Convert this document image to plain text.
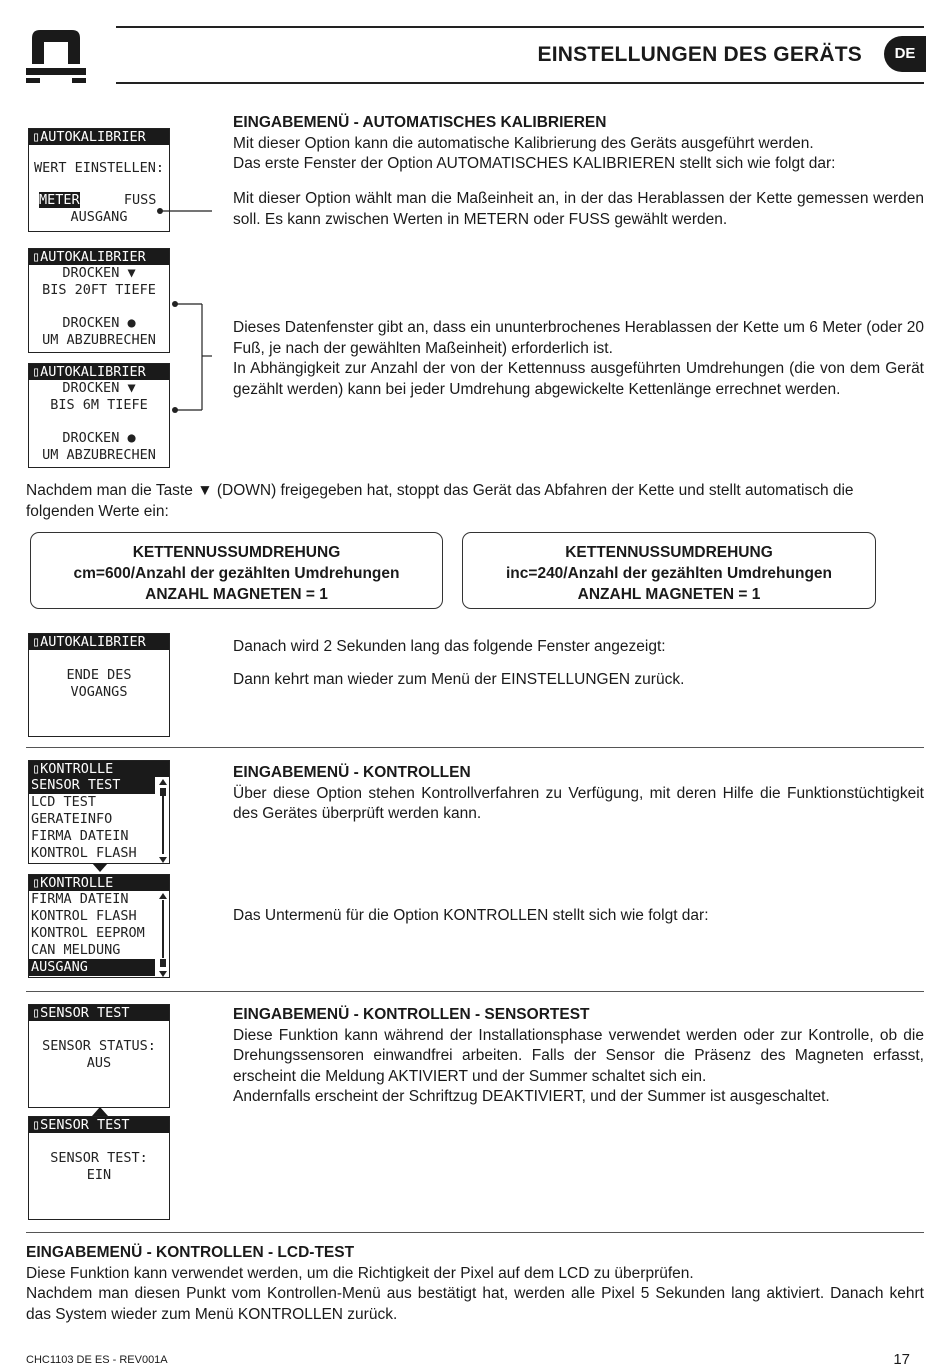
EINSTELLUNGEN DES GERÄTS	DE
▯AUTOKALIBRIER
WERT EINSTELLEN:
METER	FUSS
AUSGANG
▯AUTOKALIBRIER
DROCKEN ▼
BIS 20FT TIEFE
DROCKEN ●
UM ABZUBRECHEN
▯AUTOKALIBRIER
DROCKEN ▼
BIS 6M TIEFE
DROCKEN ●
UM ABZUBRECHEN
EINGABEMENÜ - AUTOMATISCHES KALIBRIEREN
Mit dieser Option kann die automatische Kalibrierung des Geräts ausgeführt werden.
Das erste Fenster der Option AUTOMATISCHES KALIBRIEREN stellt sich wie folgt dar:
Mit dieser Option wählt man die Maßeinheit an, in der das Herablassen der Kette gemessen werden soll. Es kann zwischen Werten in METERN oder FUSS gewählt werden.
Dieses Datenfenster gibt an, dass ein ununterbrochenes Herablassen der Kette um 6 Meter (oder 20 Fuß, je nach der gewählten Maßeinheit) erforderlich ist.
In Abhängigkeit zur Anzahl der von der Kettennuss ausgeführten Umdrehungen (die von dem Gerät gezählt werden) kann bei jeder Umdrehung abgewickelte Kettenlänge errechnet werden.
Nachdem man die Taste ▼ (DOWN) freigegeben hat, stoppt das Gerät das Abfahren der Kette und stellt automatisch die folgenden Werte ein:
KETTENNUSSUMDREHUNG
cm=600/Anzahl der gezählten Umdrehungen
ANZAHL MAGNETEN = 1
KETTENNUSSUMDREHUNG
inc=240/Anzahl der gezählten Umdrehungen
ANZAHL MAGNETEN = 1
▯AUTOKALIBRIER
ENDE DES
VOGANGS
Danach wird 2 Sekunden lang das folgende Fenster angezeigt:
Dann kehrt man wieder zum Menü der EINSTELLUNGEN zurück.
▯KONTROLLE
SENSOR TEST
LCD TEST
GERATEINFO
FIRMA DATEIN
KONTROL FLASH
▯KONTROLLE
FIRMA DATEIN
KONTROL FLASH
KONTROL EEPROM
CAN MELDUNG
AUSGANG
EINGABEMENÜ - KONTROLLEN
Über diese Option stehen Kontrollverfahren zu Verfügung, mit deren Hilfe die Funktionstüchtigkeit des Gerätes überprüft werden kann.
Das Untermenü für die Option KONTROLLEN stellt sich wie folgt dar:
▯SENSOR TEST
SENSOR STATUS:
AUS
▯SENSOR TEST
SENSOR TEST:
EIN
EINGABEMENÜ - KONTROLLEN - SENSORTEST
Diese Funktion kann während der Installationsphase verwendet werden oder zur Kontrolle, ob die Drehungssensoren einwandfrei arbeiten. Falls der Sensor die Präsenz des Magneten erfasst, erscheint die Meldung AKTIVIERT und der Summer schaltet sich ein.
Andernfalls erscheint der Schriftzug DEAKTIVIERT, und der Summer ist ausgeschaltet.
EINGABEMENÜ - KONTROLLEN - LCD-TEST
Diese Funktion kann verwendet werden, um die Richtigkeit der Pixel auf dem LCD zu überprüfen.
Nachdem man diesen Punkt vom Kontrollen-Menü aus bestätigt hat, werden alle Pixel 5 Sekunden lang aktiviert. Danach kehrt das System wieder zum Menü KONTROLLEN zurück.
CHC1103 DE ES - REV001A	17
